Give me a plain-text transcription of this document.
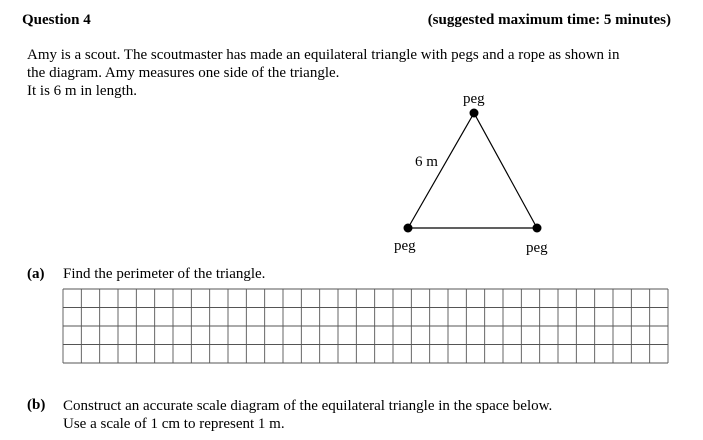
Question 4	(suggested maximum time: 5 minutes)
Amy is a scout. The scoutmaster has made an equilateral triangle with pegs and a rope as shown in
the diagram. Amy measures one side of the triangle.
It is 6 m in length.	peg
6 m
peg	peg
(a) Find the perimeter of the triangle.
(b) Construct an accurate scale diagram of the equilateral triangle in the space below.
Use a scale of 1 cm to represent 1 m.
